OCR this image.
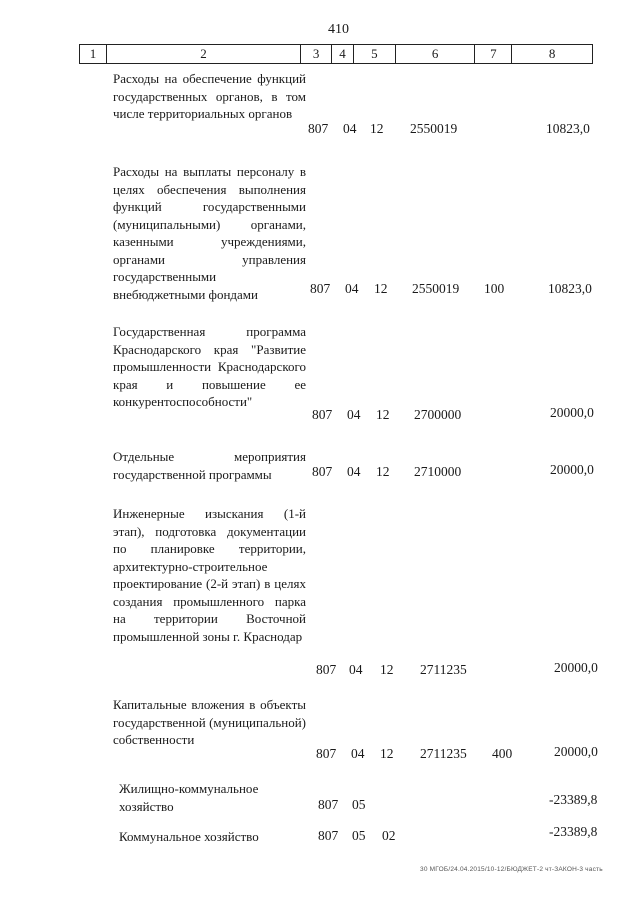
410
1	2	3	4	5	6	7	8
Расходы на обеспечение функций государственных органов, в том числе территориальных органов
807 04 12 2550019	10823,0
Расходы на выплаты персоналу в целях обеспечения выполнения функций государственными (муниципальными) органами, казенными учреждениями, органами управления государственными внебюджетными фондами	807 04 12 2550019 100	10823,0
Государственная программа Краснодарского края "Развитие промышленности Краснодарского края и повышение ее конкурентоспособности"
807 04 12 2700000	20000,0
Отдельные мероприятия государственной программы	807 04 12 2710000	20000,0
Инженерные изыскания (1-й этап), подготовка документации по планировке территории, архитектурно-строительное проектирование (2-й этап) в целях создания промышленного парка на территории Восточной промышленной зоны г. Краснодар
807 04 12 2711235	20000,0
Капитальные вложения в объекты государственной (муниципальной) собственности
807 04 12 2711235 400	20000,0
Жилищно-коммунальное хозяйство	807 05	-23389,8
Коммунальное хозяйство	807 05 02	-23389,8
30 МГОБ/24.04.2015/10-12/БЮДЖЕТ-2 чт-ЗАКОН-3 часть
